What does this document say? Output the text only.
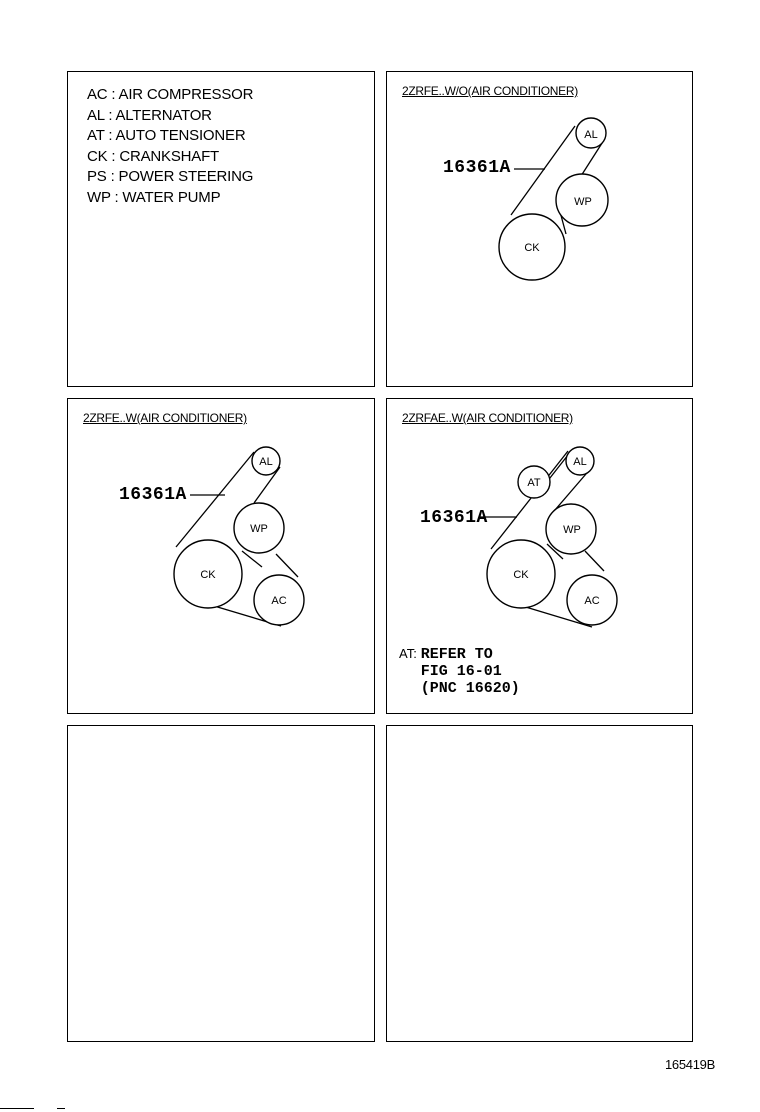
AC : AIR COMPRESSOR
AL : ALTERNATOR
AT : AUTO TENSIONER
CK : CRANKSHAFT
PS : POWER STEERING
WP : WATER PUMP
2ZRFE..W/O(AIR CONDITIONER)
CK
WP
AL
16361A
2ZRFE..W(AIR CONDITIONER)
CK
WP
AL
AC
16361A
2ZRFAE..W(AIR CONDITIONER)
CK
WP
AL
AT
AC
16361A
AT: REFER TO
FIG 16-01
(PNC 16620)
165419B
